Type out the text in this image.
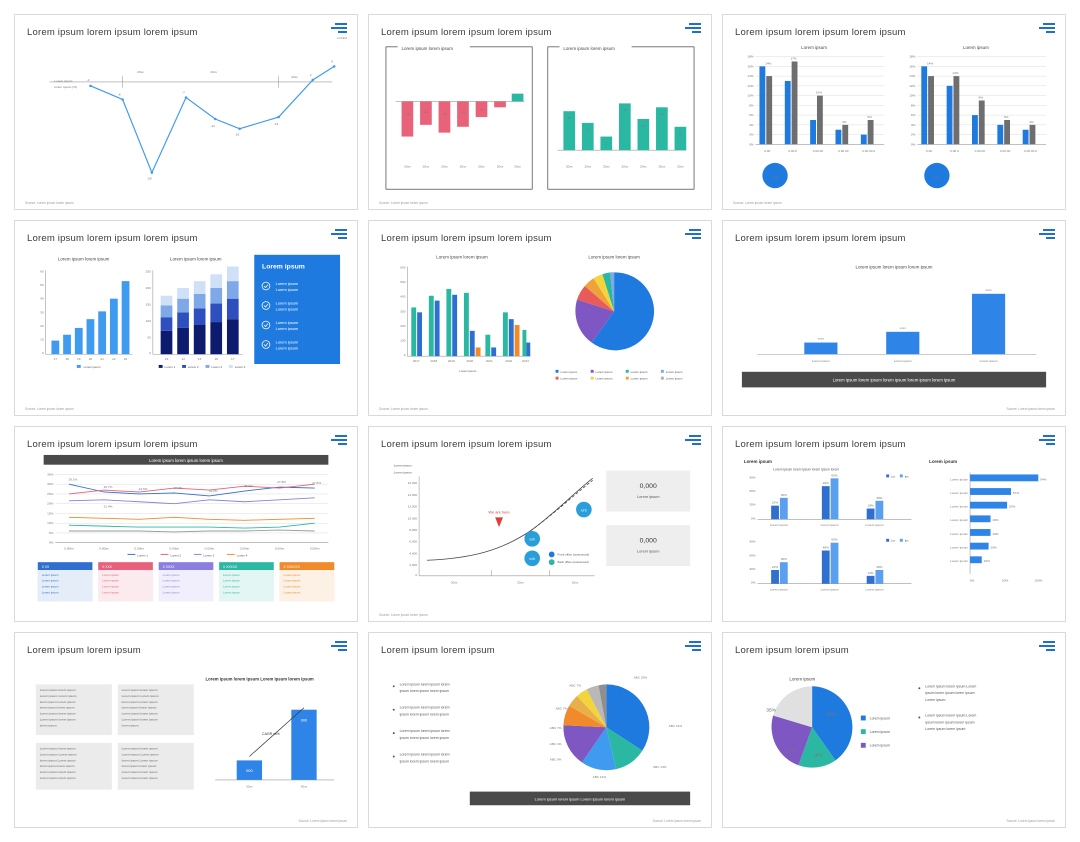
Lorem ipsum lorem ipsum lorem ipsum
LOREM
20xx	20xx
20xx
Lorem ipsum
lorem ipsum (%)
-2
-8
-28
-7
-14
-16
-13
2
9
Source: Lorem ipsum lorem ipsum
Lorem ipsum lorem ipsum lorem ipsum
Lorem ipsum lorem ipsum
-18	-12	-16	-13	-8
20xx	20xx	20xx	20xx	20xx	20xx	20xx
Lorem ipsum lorem ipsum
20
14
7
24
16
22
12
20xx	20xx	20xx	20xx	20xx	20xx	20xx
Source: Lorem ipsum lorem ipsum
Lorem ipsum lorem ipsum lorem ipsum
Lorem ipsum
18%
16%
14%
12%
10%
8%
6%
4%
2%
0%
14%
17%
10%
4%
5%
0.00	0.00.0	0.00.00	0.00.00	0.00.00.0
Lorem ipsum
18%
16%
14%
12%
10%
8%
6%
4%
2%
0%
14%
14%
9%
5%
4%
0.00	0.00.0	0.00.00	0.00.00	0.00.00.0
000	000
Source: Lorem ipsum lorem ipsum
Lorem ipsum lorem ipsum lorem ipsum
Lorem ipsum lorem ipsum
60
50
40
30
20
10
0
17	18	19	20	21	22	23
Lorem ipsum
Lorem ipsum lorem ipsum
250
200
150
100
50
0
13	14	15	16	17
Lorem 1	Lorem 2	Lorem 3	Lorem 4
Lorem ipsum
Lorem ipsum
Lorem ipsum
Lorem ipsum
Lorem ipsum
Lorem ipsum
Lorem ipsum
Lorem ipsum
Lorem ipsum
Source: Lorem ipsum lorem ipsum
Lorem ipsum lorem ipsum lorem ipsum
Lorem ipsum lorem ipsum
600
500
400
300
200
100
0
2017	2018	2019	2020	2021	2022	2023
Lorem ipsum
Lorem ipsum lorem ipsum
Lorem ipsum	Lorem ipsum	Lorem ipsum	Lorem ipsum
Lorem ipsum	Lorem ipsum	Lorem ipsum	Lorem ipsum
Source: Lorem ipsum lorem ipsum
Lorem ipsum lorem ipsum lorem ipsum
Lorem ipsum lorem ipsum lorem ipsum
xxxx
xxxx
xxxx
Lorem ipsum	Lorem ipsum	Lorem ipsum
Lorem ipsum lorem ipsum lorem ipsum lorem ipsum lorem ipsum
Source: Lorem ipsum lorem ipsum
Lorem ipsum lorem ipsum lorem ipsum
Lorem ipsum lorem ipsum lorem ipsum
35%
30%
25%
20%
15%
10%
5%
0%
29.1%
25.7%	24.5%	24.8%
23.6%
25.9%
27.8%	27.6%
21.4%
0,00bn	0,00bn	0,00bn	0,00bn	0,00bn	0,00bn	0,00bn	0,00bn
Lorem 1	Lorem 2	Lorem 3	Lorem 4
X XX
Lorem ipsum
Lorem ipsum
Lorem ipsum
Lorem ipsum
X XXX
Lorem ipsum
Lorem ipsum
Lorem ipsum
Lorem ipsum
X XXXX
Lorem ipsum
Lorem ipsum
Lorem ipsum
Lorem ipsum
X XXXXX
Lorem ipsum
Lorem ipsum
Lorem ipsum
Lorem ipsum
X XXXXXX
Lorem ipsum
Lorem ipsum
Lorem ipsum
Lorem ipsum
Lorem ipsum lorem ipsum lorem ipsum
Lorem ipsum
Lorem ipsum
16,000
14,000
12,000
10,000
8,000
6,000
4,000
2,000
0
20xx	20xx	20xx
We are here
xx'b
xx'b
xx'b
Front office (outsourced)
Back office (outsourced)
0,000
Lorem ipsum
0,000
Lorem ipsum
Source: Lorem ipsum lorem ipsum
Lorem ipsum lorem ipsum lorem ipsum
Lorem ipsum
Lorem ipsum lorem ipsum lorem ipsum lorem
90%
60%
30%
0%
22%
35%
48%
65%
18%
38%
Lorem ipsum	Lorem ipsum	Lorem ipsum
Lor	Ips
90%
60%
30%
0%
22%
35%
48%
65%
12%
28%
Lorem ipsum	Lorem ipsum	Lorem ipsum
Lor	Ips
Lorem ipsum
Lorem ipsum
Lorem ipsum
Lorem ipsum
Lorem ipsum
Lorem ipsum
Lorem ipsum
Lorem ipsum
94%
57%
52%
29%
29%
26%
16%
0%	50%	100%
Lorem ipsum lorem ipsum
Lorem ipsum lorem ipsum
Lorem ipsum Lorem ipsum
lorem ipsum Lorem ipsum
lorem ipsum lorem ipsum
Lorem ipsum lorem ipsum
Lorem ipsum lorem ipsum
lorem ipsum
Lorem ipsum lorem ipsum
Lorem ipsum Lorem ipsum
lorem ipsum Lorem ipsum
lorem ipsum lorem ipsum
Lorem ipsum lorem ipsum
Lorem ipsum lorem ipsum
lorem ipsum
Lorem ipsum lorem ipsum
Lorem ipsum Lorem ipsum
lorem ipsum Lorem ipsum
lorem ipsum lorem ipsum
Lorem ipsum lorem ipsum
Lorem ipsum lorem ipsum
Lorem ipsum lorem ipsum
Lorem ipsum Lorem ipsum
lorem ipsum Lorem ipsum
lorem ipsum lorem ipsum
Lorem ipsum lorem ipsum
Lorem ipsum lorem ipsum
Lorem ipsum lorem ipsum Lorem ipsum lorem ipsum
000
000
CAGR xx%
20xx	20xx
Source: Lorem ipsum lorem ipsum
Lorem ipsum lorem ipsum
Lorem ipsum lorem ipsum lorem
ipsum lorem ipsum lorem ipsum
Lorem ipsum lorem ipsum lorem
ipsum lorem ipsum lorem ipsum
Lorem ipsum lorem ipsum lorem
ipsum lorem ipsum lorem ipsum
Lorem ipsum lorem ipsum lorem
ipsum lorem ipsum lorem ipsum
ABC 25%
ABC 14%
ABC 14%
ABC 14%
ABC 9%
ABC 4%
ABC 7%
ABC 7%
ABC 7%
Lorem ipsum lorem ipsum Lorem ipsum lorem ipsum
Source: Lorem ipsum lorem ipsum
Lorem ipsum lorem ipsum
Lorem ipsum
50%
18%
17%
35%
Lorem ipsum
Lorem ipsum
Lorem ipsum
Lorem ipsum lorem ipsum Lorem
ipsum lorem ipsum lorem ipsum
Lorem ipsum
Lorem ipsum lorem ipsum Lorem
ipsum lorem ipsum lorem ipsum
Lorem ipsum lorem ipsum
Source: Lorem ipsum lorem ipsum
